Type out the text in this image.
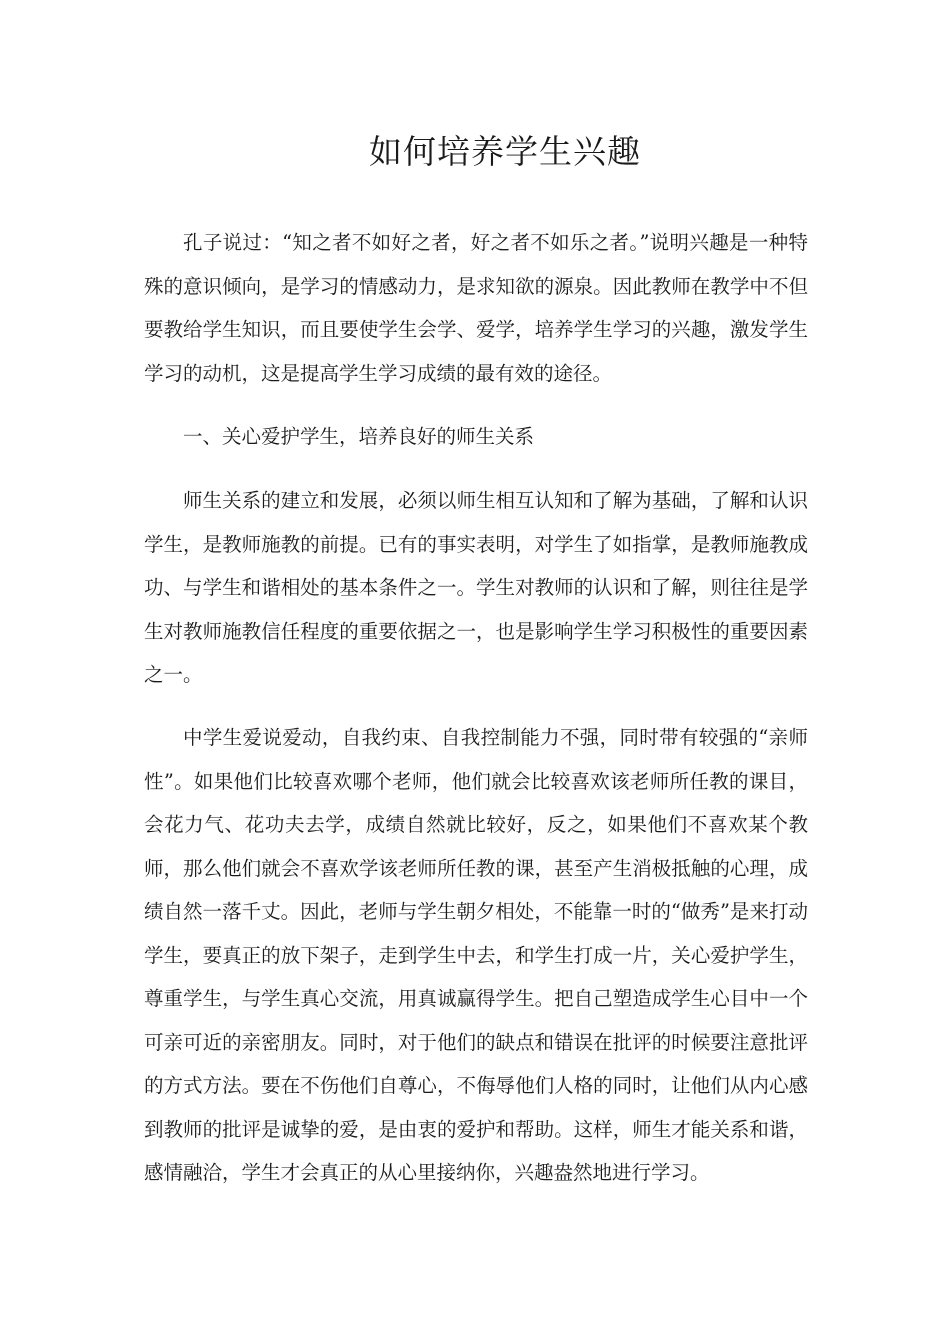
如何培养学生兴趣

孔子说过：“知之者不如好之者，好之者不如乐之者。”说明兴趣是一种特殊的意识倾向，是学习的情感动力，是求知欲的源泉。因此教师在教学中不但要教给学生知识，而且要使学生会学、爱学，培养学生学习的兴趣，激发学生学习的动机，这是提高学生学习成绩的最有效的途径。

一、关心爱护学生，培养良好的师生关系

师生关系的建立和发展，必须以师生相互认知和了解为基础，了解和认识学生，是教师施教的前提。已有的事实表明，对学生了如指掌，是教师施教成功、与学生和谐相处的基本条件之一。学生对教师的认识和了解，则往往是学生对教师施教信任程度的重要依据之一，也是影响学生学习积极性的重要因素之一。

中学生爱说爱动，自我约束、自我控制能力不强，同时带有较强的“亲师性”。如果他们比较喜欢哪个老师，他们就会比较喜欢该老师所任教的课目，会花力气、花功夫去学，成绩自然就比较好，反之，如果他们不喜欢某个教师，那么他们就会不喜欢学该老师所任教的课，甚至产生消极抵触的心理，成绩自然一落千丈。因此，老师与学生朝夕相处，不能靠一时的“做秀”是来打动学生，要真正的放下架子，走到学生中去，和学生打成一片，关心爱护学生，尊重学生，与学生真心交流，用真诚赢得学生。把自己塑造成学生心目中一个可亲可近的亲密朋友。同时，对于他们的缺点和错误在批评的时候要注意批评的方式方法。要在不伤他们自尊心，不侮辱他们人格的同时，让他们从内心感到教师的批评是诚挚的爱，是由衷的爱护和帮助。这样，师生才能关系和谐，感情融洽，学生才会真正的从心里接纳你，兴趣盎然地进行学习。
